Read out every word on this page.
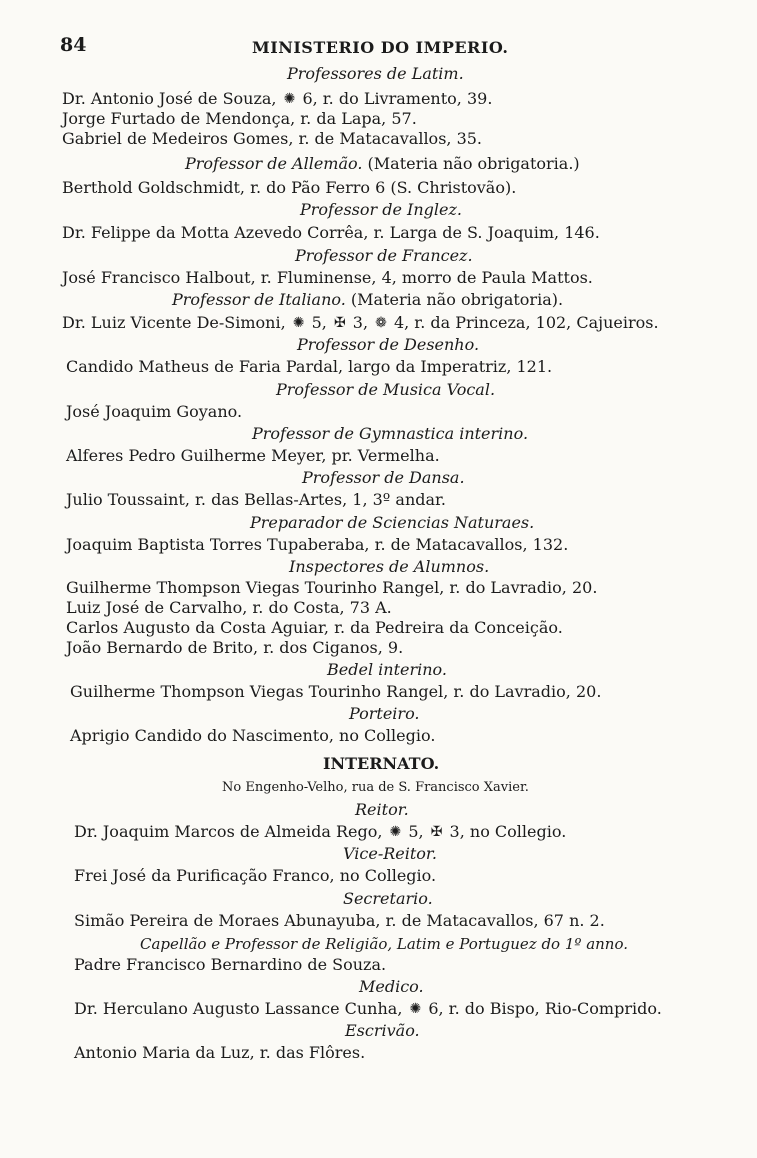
84	MINISTERIO DO IMPERIO.
Professores de Latim.
Dr. Antonio José de Souza, ✺ 6, r. do Livramento, 39.
Jorge Furtado de Mendonça, r. da Lapa, 57.
Gabriel de Medeiros Gomes, r. de Matacavallos, 35.
Professor de Allemão. (Materia não obrigatoria.)
Berthold Goldschmidt, r. do Pão Ferro 6 (S. Christovão).
Professor de Inglez.
Dr. Felippe da Motta Azevedo Corrêa, r. Larga de S. Joaquim, 146.
Professor de Francez.
José Francisco Halbout, r. Fluminense, 4, morro de Paula Mattos.
Professor de Italiano. (Materia não obrigatoria).
Dr. Luiz Vicente De-Simoni, ✺ 5, ✠ 3, ❁ 4, r. da Princeza, 102, Cajueiros.
Professor de Desenho.
Candido Matheus de Faria Pardal, largo da Imperatriz, 121.
Professor de Musica Vocal.
José Joaquim Goyano.
Professor de Gymnastica interino.
Alferes Pedro Guilherme Meyer, pr. Vermelha.
Professor de Dansa.
Julio Toussaint, r. das Bellas-Artes, 1, 3º andar.
Preparador de Sciencias Naturaes.
Joaquim Baptista Torres Tupaberaba, r. de Matacavallos, 132.
Inspectores de Alumnos.
Guilherme Thompson Viegas Tourinho Rangel, r. do Lavradio, 20.
Luiz José de Carvalho, r. do Costa, 73 A.
Carlos Augusto da Costa Aguiar, r. da Pedreira da Conceição.
João Bernardo de Brito, r. dos Ciganos, 9.
Bedel interino.
Guilherme Thompson Viegas Tourinho Rangel, r. do Lavradio, 20.
Porteiro.
Aprigio Candido do Nascimento, no Collegio.
INTERNATO.
No Engenho-Velho, rua de S. Francisco Xavier.
Reitor.
Dr. Joaquim Marcos de Almeida Rego, ✺ 5, ✠ 3, no Collegio.
Vice-Reitor.
Frei José da Purificação Franco, no Collegio.
Secretario.
Simão Pereira de Moraes Abunayuba, r. de Matacavallos, 67 n. 2.
Capellão e Professor de Religião, Latim e Portuguez do 1º anno.
Padre Francisco Bernardino de Souza.
Medico.
Dr. Herculano Augusto Lassance Cunha, ✺ 6, r. do Bispo, Rio-Comprido.
Escrivão.
Antonio Maria da Luz, r. das Flôres.
